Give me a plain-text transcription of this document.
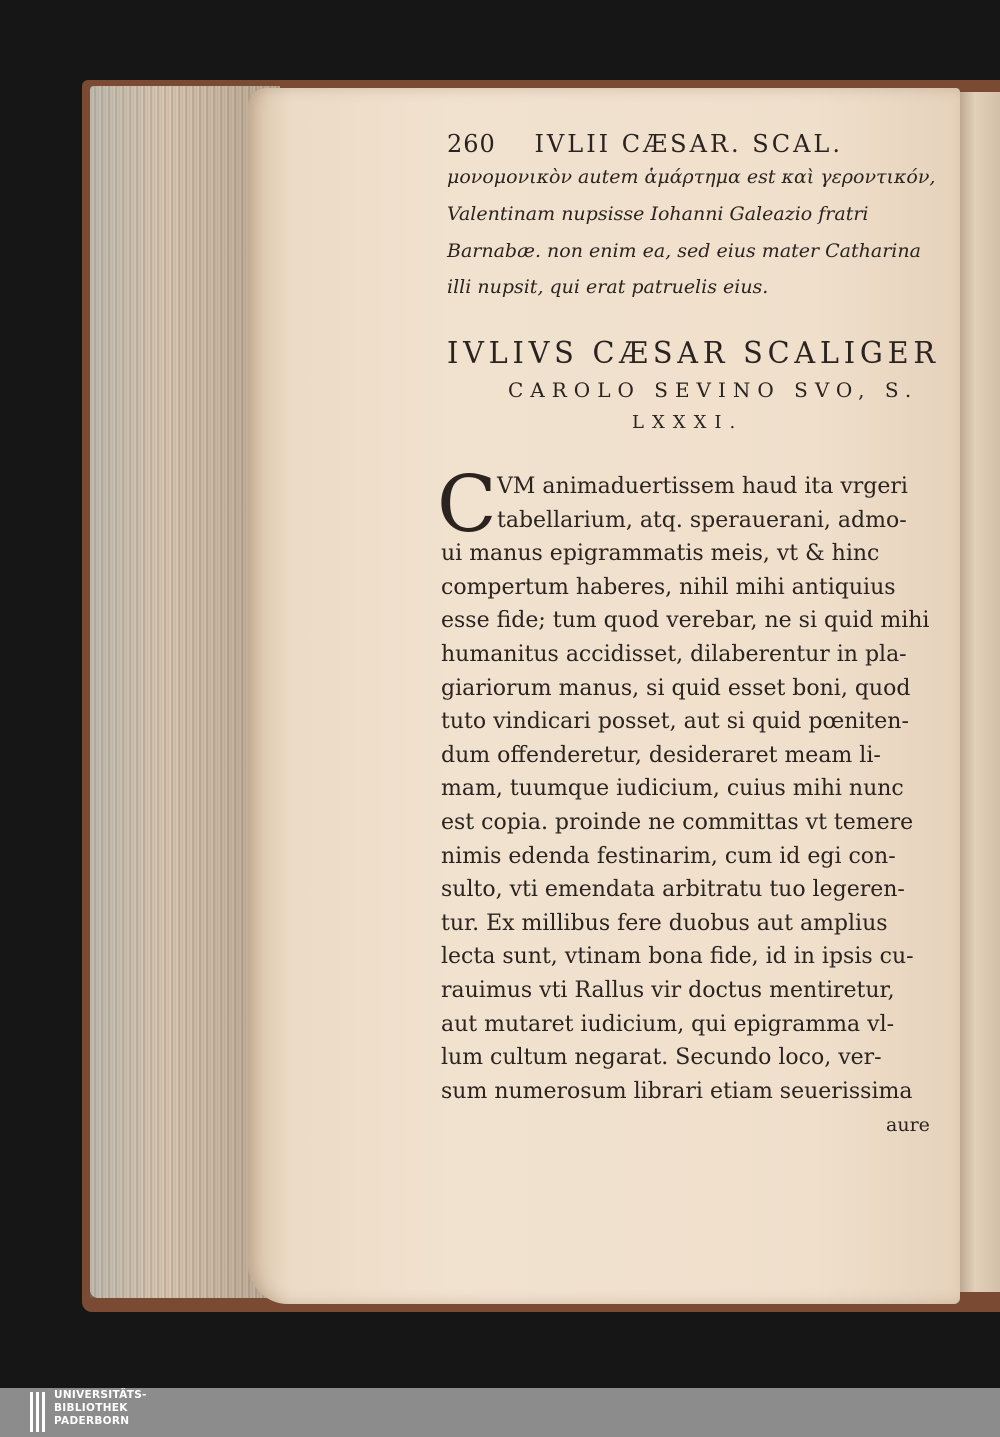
260 IVLII CÆSAR. SCAL.
μονομονικὸν autem ἁμάρτημα est καὶ γεροντικόν,
Valentinam nupsisse Iohanni Galeazio fratri
Barnabæ. non enim ea, sed eius mater Catharina
illi nupsit, qui erat patruelis eius.
IVLIVS CÆSAR SCALIGER
CAROLO SEVINO SVO, S.
LXXXI.
C VM animaduertissem haud ita vrgeri
tabellarium, atq. sperauerani, admo-
ui manus epigrammatis meis, vt & hinc
compertum haberes, nihil mihi antiquius
esse fide; tum quod verebar, ne si quid mihi
humanitus accidisset, dilaberentur in pla-
giariorum manus, si quid esset boni, quod
tuto vindicari posset, aut si quid pœniten-
dum offenderetur, desideraret meam li-
mam, tuumque iudicium, cuius mihi nunc
est copia. proinde ne committas vt temere
nimis edenda festinarim, cum id egi con-
sulto, vti emendata arbitratu tuo legeren-
tur. Ex millibus fere duobus aut amplius
lecta sunt, vtinam bona fide, id in ipsis cu-
rauimus vti Rallus vir doctus mentiretur,
aut mutaret iudicium, qui epigramma vl-
lum cultum negarat. Secundo loco, ver-
sum numerosum librari etiam seuerissima
aure
UNIVERSITÄTS-
BIBLIOTHEK
PADERBORN
